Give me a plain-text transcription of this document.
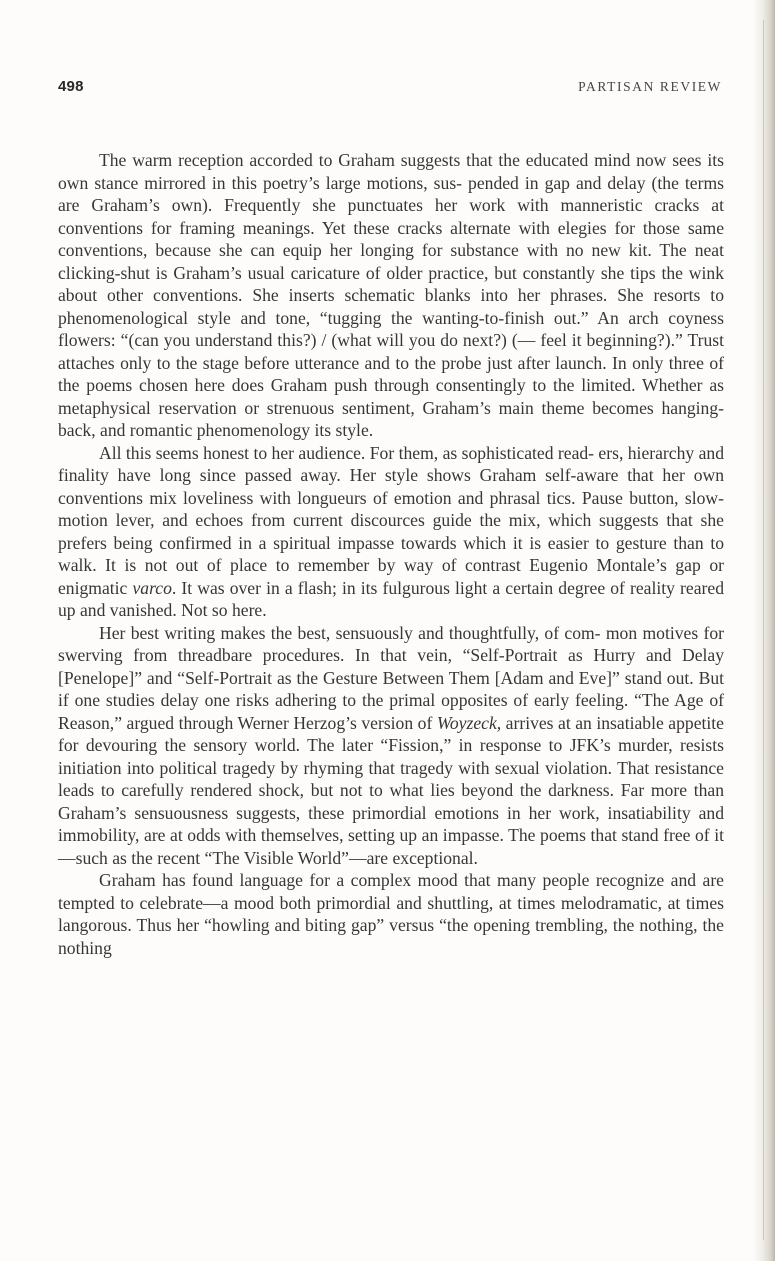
498	PARTISAN REVIEW

The warm reception accorded to Graham suggests that the educated mind now sees its own stance mirrored in this poetry’s large motions, sus- pended in gap and delay (the terms are Graham’s own). Frequently she punctuates her work with manneristic cracks at conventions for framing meanings. Yet these cracks alternate with elegies for those same conventions, because she can equip her longing for substance with no new kit. The neat clicking-shut is Graham’s usual caricature of older practice, but constantly she tips the wink about other conventions. She inserts schematic blanks into her phrases. She resorts to phenomenological style and tone, “tugging the wanting-to-finish out.” An arch coyness flowers: “(can you understand this?) / (what will you do next?) (— feel it beginning?).” Trust attaches only to the stage before utterance and to the probe just after launch. In only three of the poems chosen here does Graham push through consentingly to the limited. Whether as metaphysical reservation or strenuous sentiment, Graham’s main theme becomes hanging-back, and romantic phenomenology its style.

All this seems honest to her audience. For them, as sophisticated read- ers, hierarchy and finality have long since passed away. Her style shows Graham self-aware that her own conventions mix loveliness with longueurs of emotion and phrasal tics. Pause button, slow-motion lever, and echoes from current discources guide the mix, which suggests that she prefers being confirmed in a spiritual impasse towards which it is easier to gesture than to walk. It is not out of place to remember by way of contrast Eugenio Montale’s gap or enigmatic varco. It was over in a flash; in its fulgurous light a certain degree of reality reared up and vanished. Not so here.

Her best writing makes the best, sensuously and thoughtfully, of com- mon motives for swerving from threadbare procedures. In that vein, “Self-Portrait as Hurry and Delay [Penelope]” and “Self-Portrait as the Gesture Between Them [Adam and Eve]” stand out. But if one studies delay one risks adhering to the primal opposites of early feeling. “The Age of Reason,” argued through Werner Herzog’s version of Woyzeck, arrives at an insatiable appetite for devouring the sensory world. The later “Fission,” in response to JFK’s murder, resists initiation into political tragedy by rhyming that tragedy with sexual violation. That resistance leads to carefully rendered shock, but not to what lies beyond the darkness. Far more than Graham’s sensuousness suggests, these primordial emotions in her work, insatiability and immobility, are at odds with themselves, setting up an impasse. The poems that stand free of it—such as the recent “The Visible World”—are exceptional.

Graham has found language for a complex mood that many people recognize and are tempted to celebrate—a mood both primordial and shuttling, at times melodramatic, at times langorous. Thus her “howling and biting gap” versus “the opening trembling, the nothing, the nothing
